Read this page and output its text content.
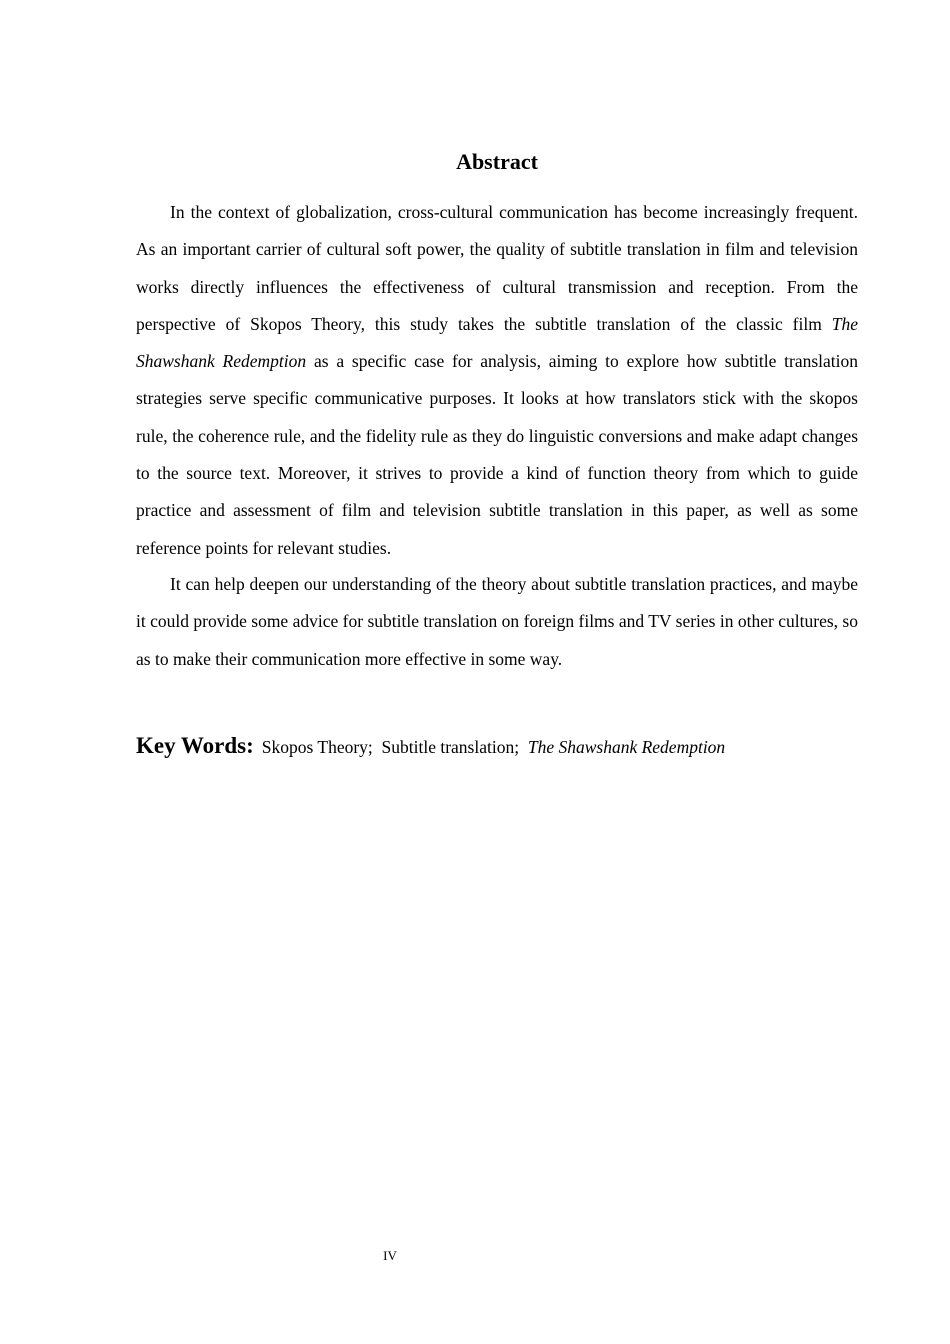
Abstract

In the context of globalization, cross-cultural communication has become increasingly frequent. As an important carrier of cultural soft power, the quality of subtitle translation in film and television works directly influences the effectiveness of cultural transmission and reception. From the perspective of Skopos Theory, this study takes the subtitle translation of the classic film The Shawshank Redemption as a specific case for analysis, aiming to explore how subtitle translation strategies serve specific communicative purposes. It looks at how translators stick with the skopos rule, the coherence rule, and the fidelity rule as they do linguistic conversions and make adapt changes to the source text. Moreover, it strives to provide a kind of function theory from which to guide practice and assessment of film and television subtitle translation in this paper, as well as some reference points for relevant studies.

It can help deepen our understanding of the theory about subtitle translation practices, and maybe it could provide some advice for subtitle translation on foreign films and TV series in other cultures, so as to make their communication more effective in some way.

Key Words: Skopos Theory; Subtitle translation; The Shawshank Redemption
IV
